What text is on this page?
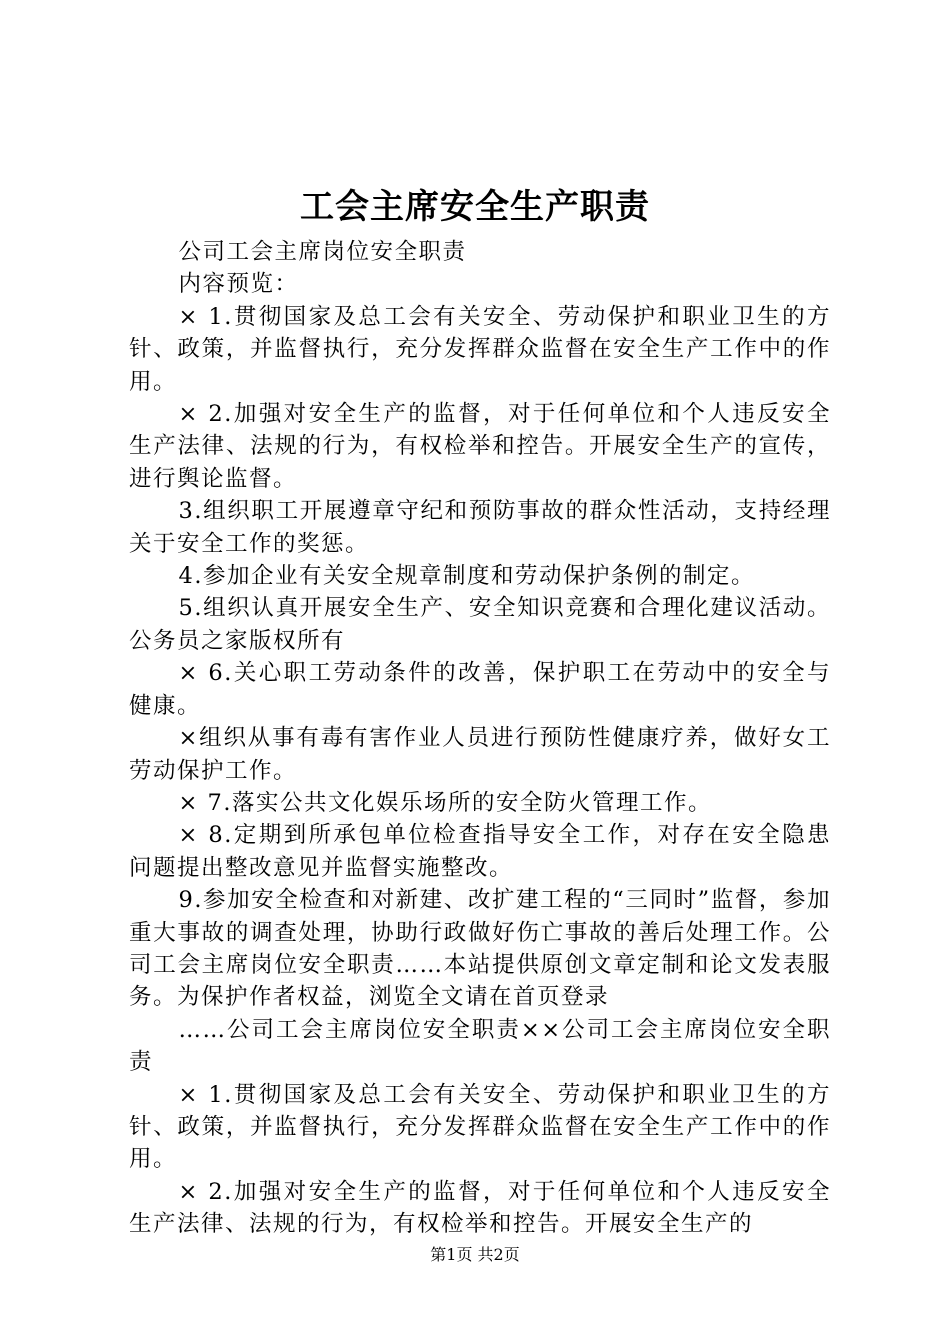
工会主席安全生产职责

公司工会主席岗位安全职责

内容预览：

× 1.贯彻国家及总工会有关安全、劳动保护和职业卫生的方针、政策，并监督执行，充分发挥群众监督在安全生产工作中的作用。

× 2.加强对安全生产的监督，对于任何单位和个人违反安全生产法律、法规的行为，有权检举和控告。开展安全生产的宣传，进行舆论监督。

3.组织职工开展遵章守纪和预防事故的群众性活动，支持经理关于安全工作的奖惩。

4.参加企业有关安全规章制度和劳动保护条例的制定。

5.组织认真开展安全生产、安全知识竞赛和合理化建议活动。公务员之家版权所有

× 6.关心职工劳动条件的改善，保护职工在劳动中的安全与健康。

×组织从事有毒有害作业人员进行预防性健康疗养，做好女工劳动保护工作。

× 7.落实公共文化娱乐场所的安全防火管理工作。

× 8.定期到所承包单位检查指导安全工作，对存在安全隐患问题提出整改意见并监督实施整改。

9.参加安全检查和对新建、改扩建工程的“三同时”监督，参加重大事故的调查处理，协助行政做好伤亡事故的善后处理工作。公司工会主席岗位安全职责……本站提供原创文章定制和论文发表服务。为保护作者权益，浏览全文请在首页登录

……公司工会主席岗位安全职责××公司工会主席岗位安全职责

× 1.贯彻国家及总工会有关安全、劳动保护和职业卫生的方针、政策，并监督执行，充分发挥群众监督在安全生产工作中的作用。

× 2.加强对安全生产的监督，对于任何单位和个人违反安全生产法律、法规的行为，有权检举和控告。开展安全生产的

第1页 共2页
